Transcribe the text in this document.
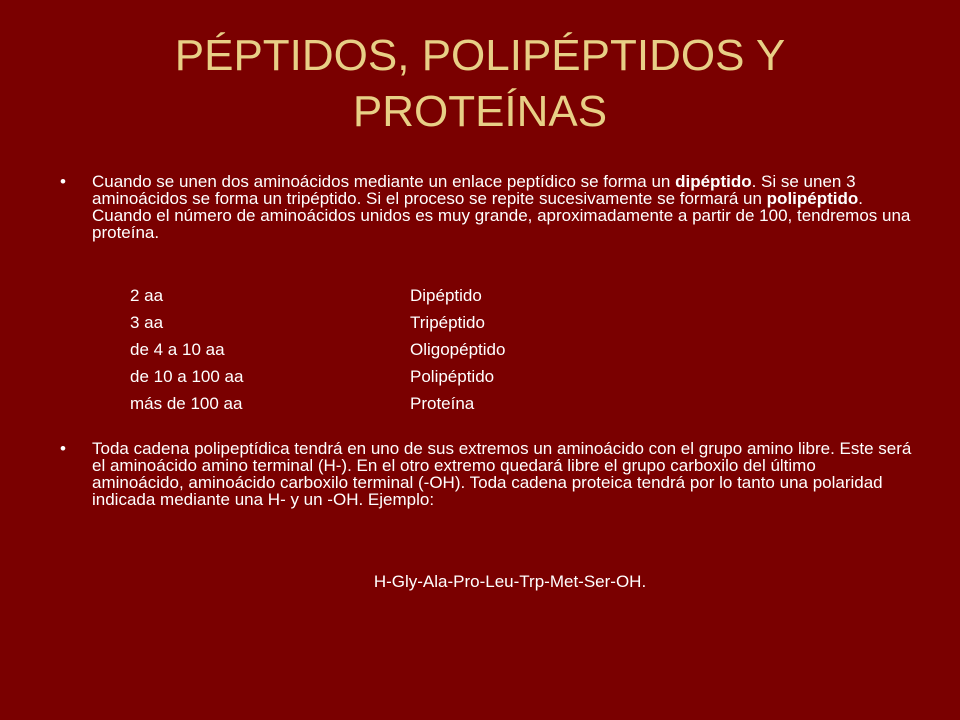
PÉPTIDOS, POLIPÉPTIDOS Y PROTEÍNAS
• Cuando se unen dos aminoácidos mediante un enlace peptídico se forma un dipéptido. Si se unen 3 aminoácidos se forma un tripéptido. Si el proceso se repite sucesivamente se formará un polipéptido. Cuando el número de aminoácidos unidos es muy grande, aproximadamente a partir de 100, tendremos una proteína.
2 aa	Dipéptido
3 aa	Tripéptido
de 4 a 10 aa	Oligopéptido
de 10 a 100 aa	Polipéptido
más de 100 aa	Proteína
• Toda cadena polipeptídica tendrá en uno de sus extremos un aminoácido con el grupo amino libre. Este será el aminoácido amino terminal (H-). En el otro extremo quedará libre el grupo carboxilo del último aminoácido, aminoácido carboxilo terminal (-OH). Toda cadena proteica tendrá por lo tanto una polaridad indicada mediante una H- y un -OH. Ejemplo:
H-Gly-Ala-Pro-Leu-Trp-Met-Ser-OH.
